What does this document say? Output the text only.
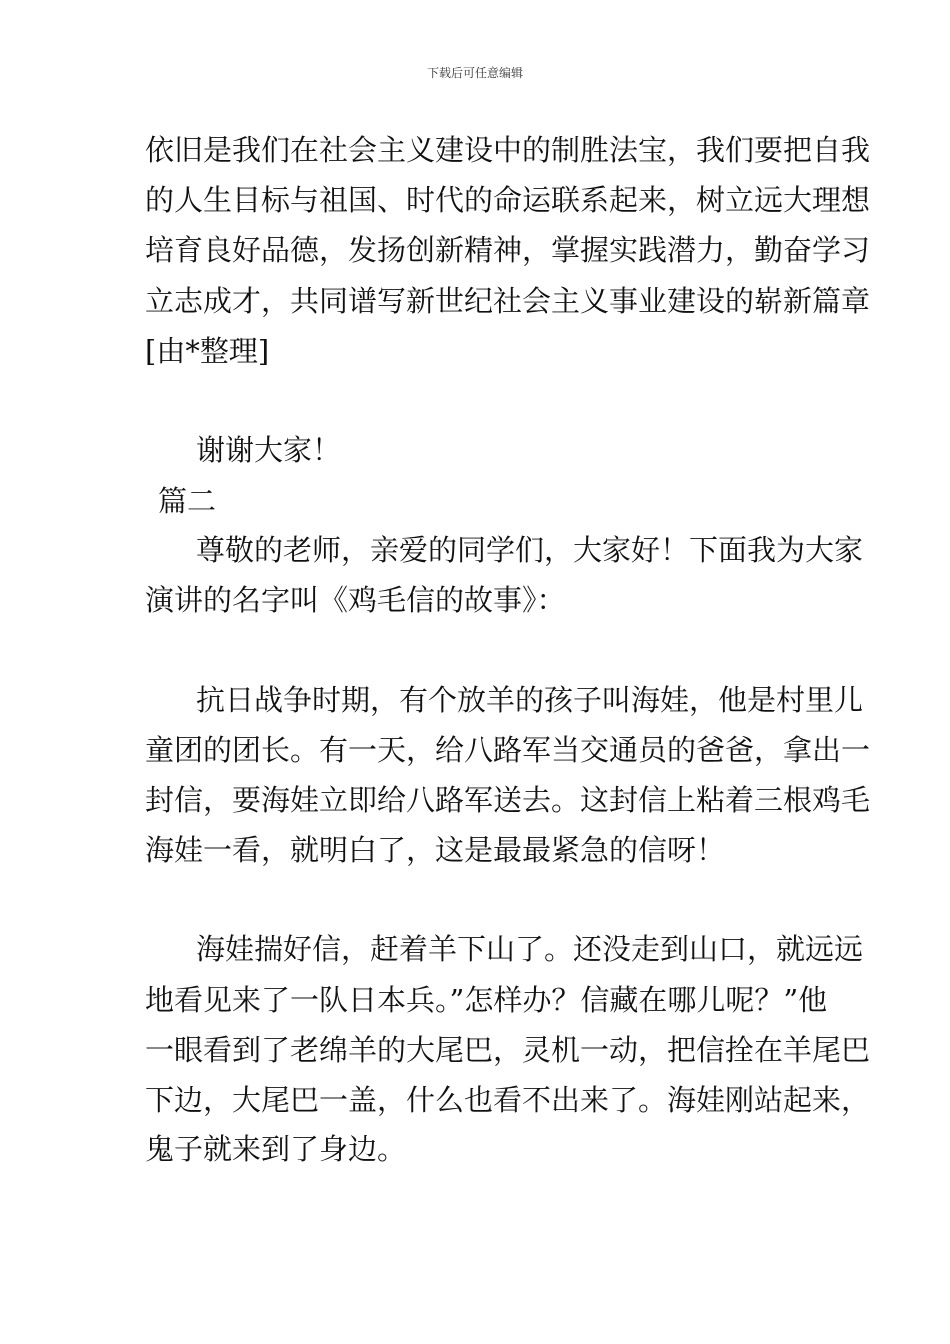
下载后可任意编辑
依旧是我们在社会主义建设中的制胜法宝，我们要把自我
的人生目标与祖国、时代的命运联系起来，树立远大理想
培育良好品德，发扬创新精神，掌握实践潜力，勤奋学习
立志成才，共同谱写新世纪社会主义事业建设的崭新篇章
[由*整理]
谢谢大家！
篇二
尊敬的老师，亲爱的同学们，大家好！下面我为大家
演讲的名字叫《鸡毛信的故事》：
抗日战争时期，有个放羊的孩子叫海娃，他是村里儿
童团的团长。有一天，给八路军当交通员的爸爸，拿出一
封信，要海娃立即给八路军送去。这封信上粘着三根鸡毛
海娃一看，就明白了，这是最最紧急的信呀！
海娃揣好信，赶着羊下山了。还没走到山口，就远远
地看见来了一队日本兵。”怎样办？信藏在哪儿呢？”他
一眼看到了老绵羊的大尾巴，灵机一动，把信拴在羊尾巴
下边，大尾巴一盖，什么也看不出来了。海娃刚站起来，
鬼子就来到了身边。
